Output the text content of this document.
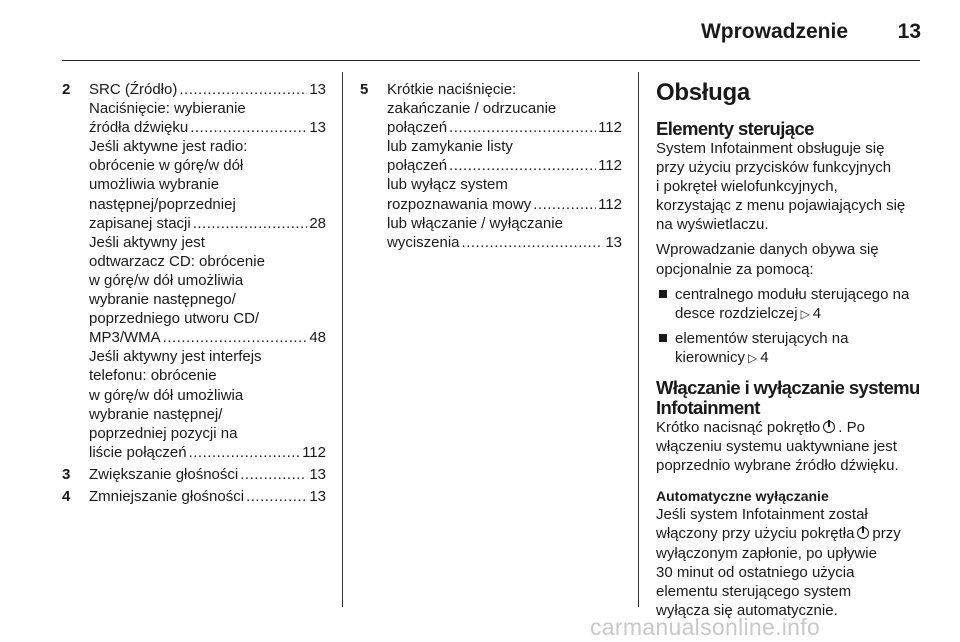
Wprowadzenie	13
2 SRC (Źródło) .....	13
Naciśnięcie: wybieranie
źródła dźwięku .....	13
Jeśli aktywne jest radio:
obrócenie w górę/w dół
umożliwia wybranie
następnej/poprzedniej
zapisanej stacji .....	28
Jeśli aktywny jest
odtwarzacz CD: obrócenie
w górę/w dół umożliwia
wybranie następnego/
poprzedniego utworu CD/
MP3/WMA .....	48
Jeśli aktywny jest interfejs
telefonu: obrócenie
w górę/w dół umożliwia
wybranie następnej/
poprzedniej pozycji na
liście połączeń .....	112
3 Zwiększanie głośności .....	13
4 Zmniejszanie głośności .....	13
5 Krótkie naciśnięcie:
zakańczanie / odrzucanie
połączeń .....	112
lub zamykanie listy
połączeń .....	112
lub wyłącz system
rozpoznawania mowy .....	112
lub włączanie / wyłączanie
wyciszenia .....	13
Obsługa
Elementy sterujące
System Infotainment obsługuje się
przy użyciu przycisków funkcyjnych
i pokręteł wielofunkcyjnych,
korzystając z menu pojawiających się
na wyświetlaczu.
Wprowadzanie danych obywa się
opcjonalnie za pomocą:
centralnego modułu sterującego na
desce rozdzielczej ▷ 4
elementów sterujących na
kierownicy ▷ 4
Włączanie i wyłączanie systemu
Infotainment
Krótko nacisnąć pokrętło . Po
włączeniu systemu uaktywniane jest
poprzednio wybrane źródło dźwięku.
Automatyczne wyłączanie
Jeśli system Infotainment został
włączony przy użyciu pokrętła przy
wyłączonym zapłonie, po upływie
30 minut od ostatniego użycia
elementu sterującego system
wyłącza się automatycznie.
carmanualsonline.info
